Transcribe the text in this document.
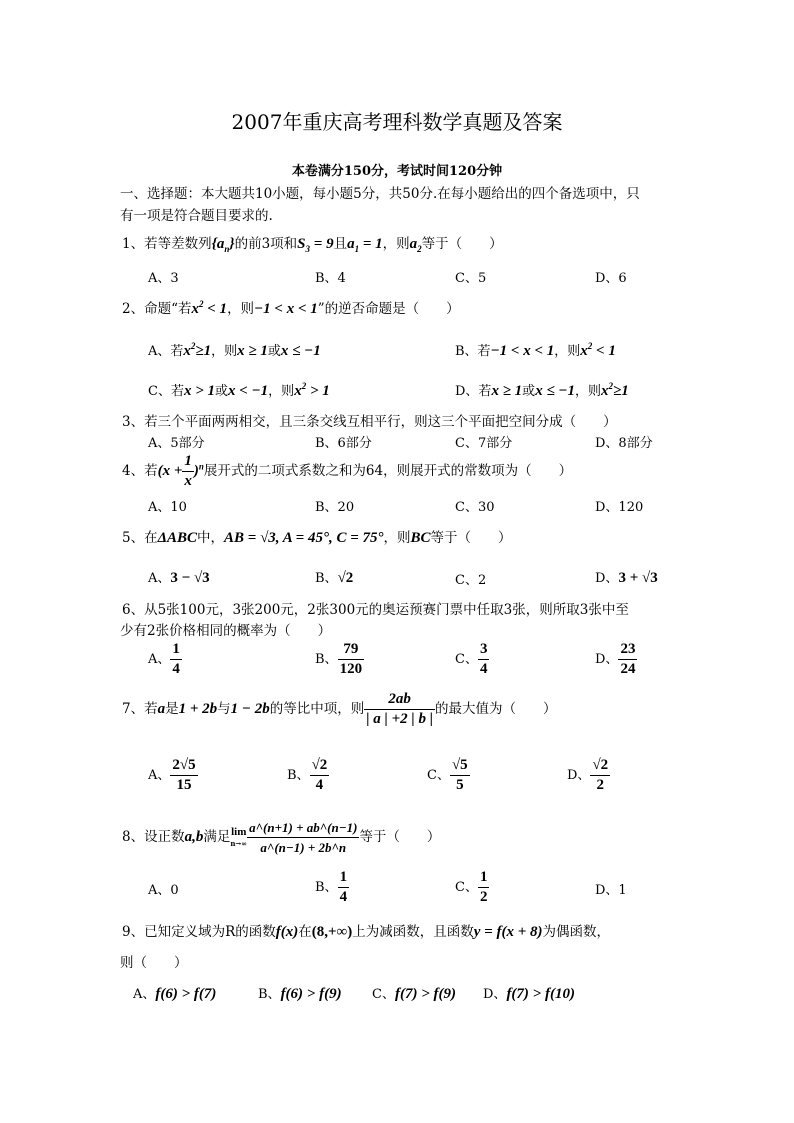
2007年重庆高考理科数学真题及答案
本卷满分150分，考试时间120分钟
一、选择题：本大题共10小题，每小题5分，共50分.在每小题给出的四个备选项中，只
有一项是符合题目要求的.
1、若等差数列$\{a_n\}$的前3项和$S_3 = 9$且$a_1 = 1$，则$a_2$等于（　　）
A、3	B、4	C、5	D、6
2、命题“若$x^2 < 1$，则−1 < x < 1”的逆否命题是（　　）
A、若$x^2\ge 1$，则x ≥ 1或x ≤ −1	B、若−1 < x < 1，则$x^2 < 1$
C、若x > 1或x < −1，则$x^2 > 1$	D、若x ≥ 1或x ≤ −1，则$x^2\ge 1$
3、若三个平面两两相交，且三条交线互相平行，则这三个平面把空间分成（　　）
A、5部分	B、6部分	C、7部分	D、8部分
4、若$(x + \frac{1}{x} )^n$展开式的二项式系数之和为64，则展开式的常数项为（　　）
A、10	B、20	C、30	D、120
5、在ΔABC中，AB = √3, A = 45°, C = 75°，则BC等于（　　）
A、3 − √3	B、√2	C、2	D、3 + √3
6、从5张100元，3张200元，2张300元的奥运预赛门票中任取3张，则所取3张中至
少有2张价格相同的概率为（　　）
A、 $\frac{1}{4}$	B、 $\frac{79}{120}$	C、 $\frac{3}{4}$	D、 $\frac{23}{24}$
7、若a是1 + 2b与1 − 2b的等比中项，则 $\frac{2ab}{| a | +2 | b |}$ 的最大值为（　　）
A、 $\frac{2√5}{15}$	B、 $\frac{√2}{4}$	C、 $\frac{√5}{5}$	D、 $\frac{√2}{2}$
8、设正数a,b满足 lim
$n\to\infty \frac{a\^{}(n+1) + ab\^{}(n-1)}{a\^{}(n-1) + 2b\^{}n}$ 等于（　　）
A、0	B、 $\frac{1}{4}$	C、 $\frac{1}{2}$	D、1
9、已知定义域为R的函数f(x)在(8,+∞)上为减函数，且函数y = f(x + 8)为偶函数，
则（　　）
A、f(6) > f(7)	B、f(6) > f(9) C、f(7) > f(9) D、f(7) > f(10)
